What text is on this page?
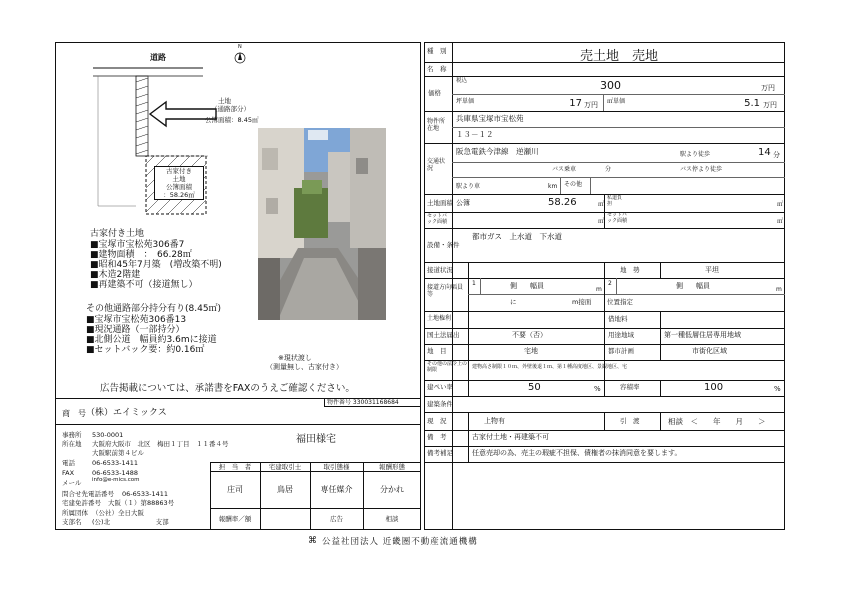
N
道路
土地
（通路部分）
公簿面積：8.45㎡
古家付き
土地
公簿面積
：58.26㎡
※現状渡し
（測量無し、古家付き）
古家付き土地
■宝塚市宝松苑306番7
■建物面積　：　66.28㎡
■昭和45年7月築　(増改築不明)
■木造2階建
■再建築不可（接道無し）
その他通路部分持分有り(8.45㎡)
■宝塚市宝松苑306番13
■現況通路（一部持分）
■北側公道　幅員約3.6mに接道
■セットバック要：約0.16㎡
広告掲載については、承諾書をFAXのうえご確認ください。
物件番号 330031168684
商　号 （株）エイミックス
事務所 530-0001
所在地 大阪府大阪市　北区　梅田１丁目　１１番４号
大阪駅前第４ビル
電話	06-6533-1411
FAX	06-6533-1488
メール info@e-mics.com
問合せ先電話番号 06-6533-1411
宅建免許番号 大阪（１）第88863号
所属団体 （公社）全日大阪
支部名 (公)北　　　　　　　支部
福田様宅
担　当　者	宅建取引士	取引態様	報酬形態
庄司	鳥居	専任媒介	分かれ
報酬率／額	広告	相談
⌘ 公益社団法人 近畿圏不動産流通機構
種　別	売土地　売地
名　称
価格
税込	300	万円
坪単価	17 万円 ㎡単価	5.1 万円
物件所在地
兵庫県宝塚市宝松苑
１３－１２
交通状況
阪急電鉄今津線　逆瀬川	駅より徒歩	14 分
バス乗車	分	バス停より徒歩
駅より車	km その他
土地面積 公簿	58.26	㎡
私道負担
セットバック面積	㎡
セットバック面積	㎡
㎡
設備・条件
都市ガス　上水道　下水道
接道状況	地　勢	平坦
接道方向幅員等
1	側 幅員	m
2	側 幅員	m
に	m接面 位置指定
土地権利	借地料
国土法届出	不要（否）	用途地域	第一種低層住居専用地域
地　目	宅地	都市計画	市街化区域
その他の法令上の制限	建物高さ制限１０ｍ、外壁後退１ｍ、第１種高度地区、景観地区、宅
建ぺい率	50	%	容積率	100	%
建築条件
現　況	上物有	引　渡	相談　＜　　年　　月　　＞
備　考	古家付土地・再建築不可
備考補足	任意売却の為、売主の瑕疵不担保、債権者の抹消同意を要します。
